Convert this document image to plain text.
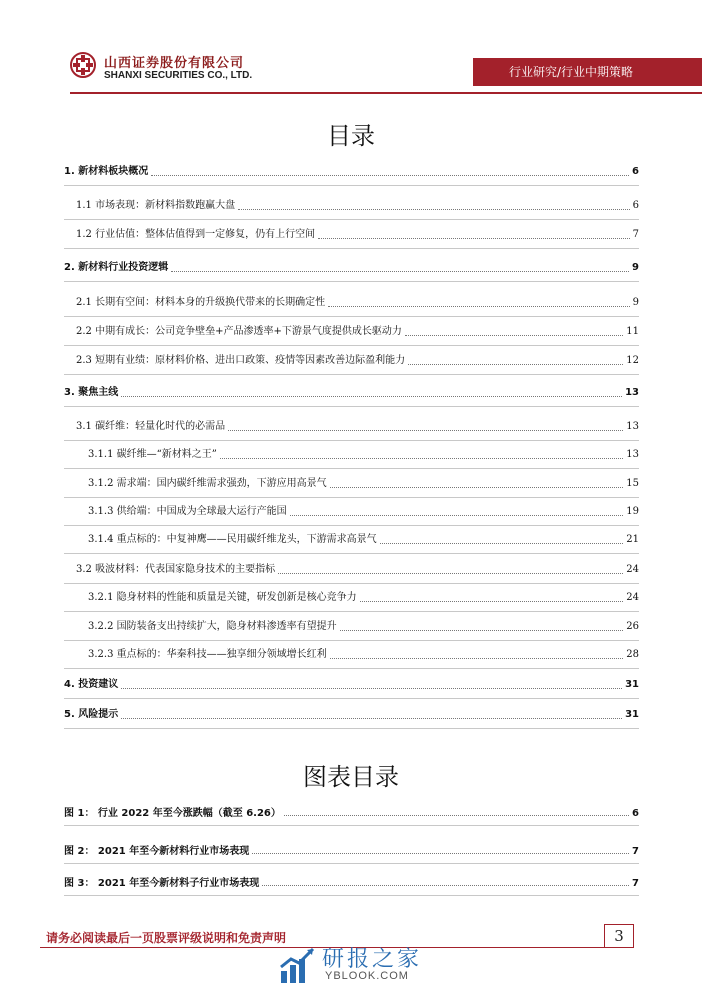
山西证券股份有限公司
SHANXI SECURITIES CO., LTD.	行业研究/行业中期策略
目录
1. 新材料板块概况	6
1.1 市场表现：新材料指数跑赢大盘	6
1.2 行业估值：整体估值得到一定修复，仍有上行空间	7
2. 新材料行业投资逻辑	9
2.1 长期有空间：材料本身的升级换代带来的长期确定性	9
2.2 中期有成长：公司竞争壁垒+产品渗透率+下游景气度提供成长驱动力	11
2.3 短期有业绩：原材料价格、进出口政策、疫情等因素改善边际盈利能力	12
3. 聚焦主线	13
3.1 碳纤维：轻量化时代的必需品	13
3.1.1 碳纤维—“新材料之王”	13
3.1.2 需求端：国内碳纤维需求强劲，下游应用高景气	15
3.1.3 供给端：中国成为全球最大运行产能国	19
3.1.4 重点标的：中复神鹰——民用碳纤维龙头，下游需求高景气	21
3.2 吸波材料：代表国家隐身技术的主要指标	24
3.2.1 隐身材料的性能和质量是关键，研发创新是核心竞争力	24
3.2.2 国防装备支出持续扩大，隐身材料渗透率有望提升	26
3.2.3 重点标的：华秦科技——独享细分领域增长红利	28
4. 投资建议	31
5. 风险提示	31
图表目录
图 1： 行业 2022 年至今涨跌幅（截至 6.26）	6
图 2： 2021 年至今新材料行业市场表现	7
图 3： 2021 年至今新材料子行业市场表现	7
请务必阅读最后一页股票评级说明和免责声明	3
研报之家
YBLOOK.COM
